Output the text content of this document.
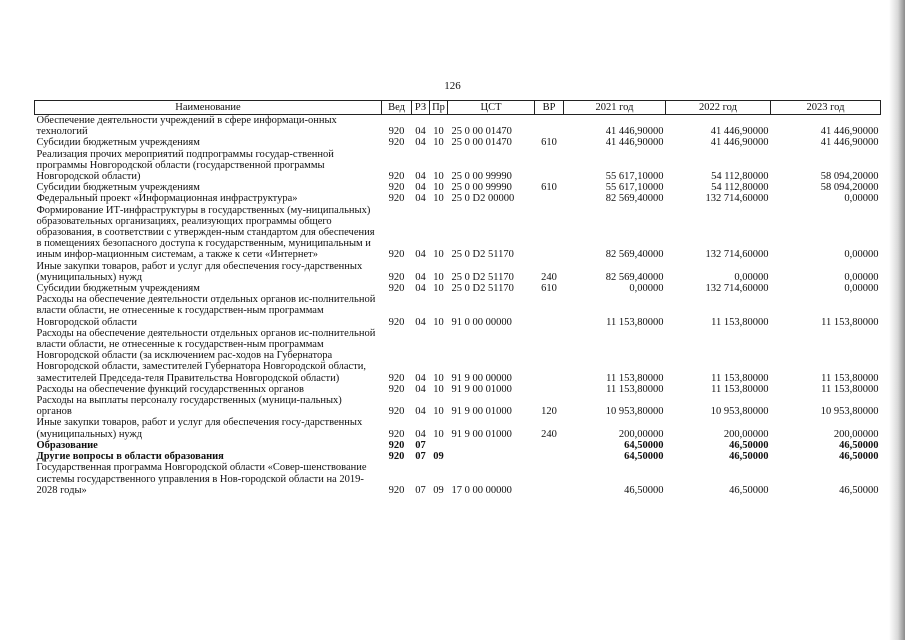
126
Наименование	Вед	РЗ	Пр	ЦСТ	ВР	2021 год	2022 год	2023 год
Обеспечение деятельности учреждений в сфере информаци-онных технологий	920	04	10	25 0 00 01470		41 446,90000	41 446,90000	41 446,90000
Субсидии бюджетным учреждениям	920	04	10	25 0 00 01470	610	41 446,90000	41 446,90000	41 446,90000
Реализация прочих мероприятий подпрограммы государ-ственной программы Новгородской области (государственной программы Новгородской области)	920	04	10	25 0 00 99990		55 617,10000	54 112,80000	58 094,20000
Субсидии бюджетным учреждениям	920	04	10	25 0 00 99990	610	55 617,10000	54 112,80000	58 094,20000
Федеральный проект «Информационная инфраструктура»	920	04	10	25 0 D2 00000		82 569,40000	132 714,60000	0,00000
Формирование ИТ-инфраструктуры в государственных (му-ниципальных) образовательных организациях, реализующих программы общего образования, в соответствии с утвержден-ным стандартом для обеспечения в помещениях безопасного доступа к государственным, муниципальным и иным инфор-мационным системам, а также к сети «Интернет»	920	04	10	25 0 D2 51170		82 569,40000	132 714,60000	0,00000
Иные закупки товаров, работ и услуг для обеспечения госу-дарственных (муниципальных) нужд	920	04	10	25 0 D2 51170	240	82 569,40000	0,00000	0,00000
Субсидии бюджетным учреждениям	920	04	10	25 0 D2 51170	610	0,00000	132 714,60000	0,00000
Расходы на обеспечение деятельности отдельных органов ис-полнительной власти области, не отнесенные к государствен-ным программам Новгородской области	920	04	10	91 0 00 00000		11 153,80000	11 153,80000	11 153,80000
Расходы на обеспечение деятельности отдельных органов ис-полнительной власти области, не отнесенные к государствен-ным программам Новгородской области (за исключением рас-ходов на Губернатора Новгородской области, заместителей Губернатора Новгородской области, заместителей Председа-теля Правительства Новгородской области)	920	04	10	91 9 00 00000		11 153,80000	11 153,80000	11 153,80000
Расходы на обеспечение функций государственных органов	920	04	10	91 9 00 01000		11 153,80000	11 153,80000	11 153,80000
Расходы на выплаты персоналу государственных (муници-пальных) органов	920	04	10	91 9 00 01000	120	10 953,80000	10 953,80000	10 953,80000
Иные закупки товаров, работ и услуг для обеспечения госу-дарственных (муниципальных) нужд	920	04	10	91 9 00 01000	240	200,00000	200,00000	200,00000
Образование	920	07				64,50000	46,50000	46,50000
Другие вопросы в области образования	920	07	09			64,50000	46,50000	46,50000
Государственная программа Новгородской области «Совер-шенствование системы государственного управления в Нов-городской области на 2019-2028 годы»	920	07	09	17 0 00 00000		46,50000	46,50000	46,50000
